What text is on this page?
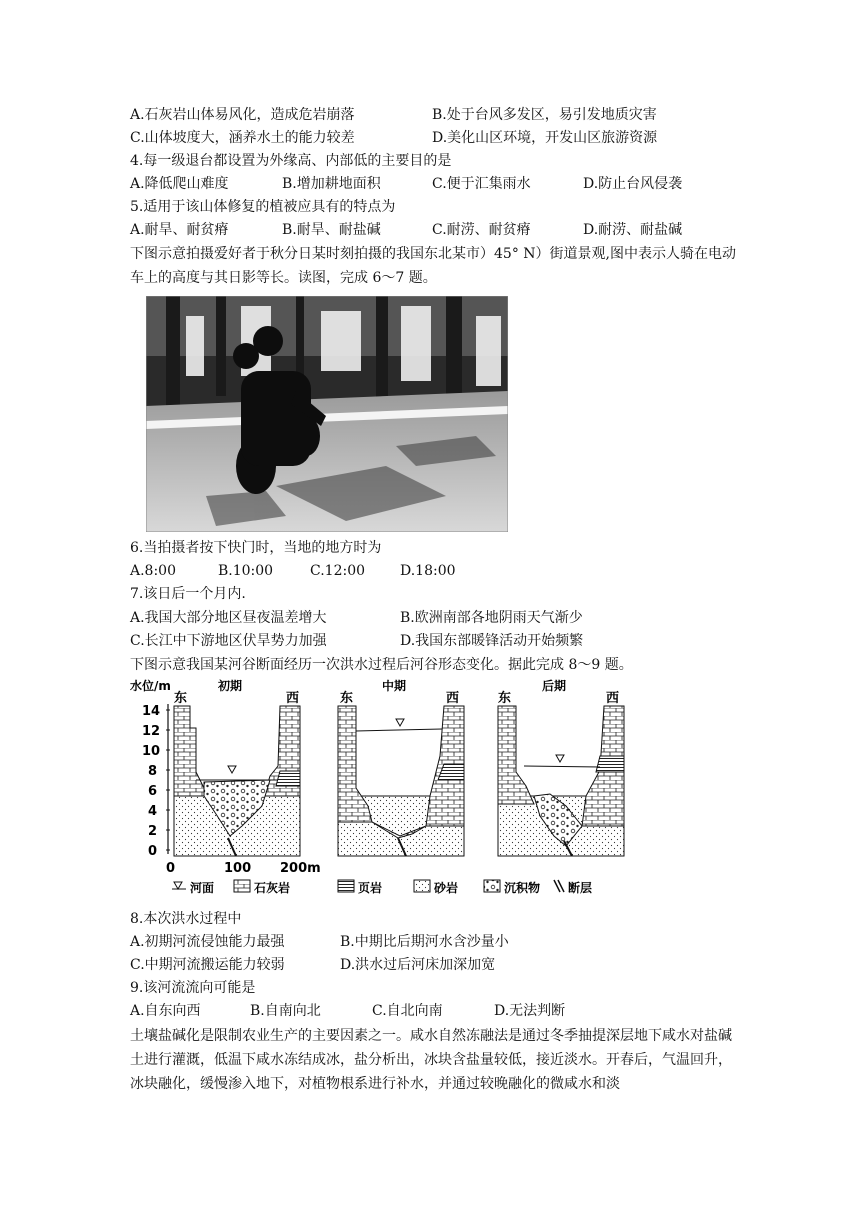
A.石灰岩山体易风化，造成危岩崩落	B.处于台风多发区，易引发地质灾害
C.山体坡度大，涵养水土的能力较差	D.美化山区环境，开发山区旅游资源
4.每一级退台都设置为外缘高、内部低的主要目的是
A.降低爬山难度	B.增加耕地面积	C.便于汇集雨水	D.防止台风侵袭
5.适用于该山体修复的植被应具有的特点为
A.耐旱、耐贫瘠	B.耐旱、耐盐碱	C.耐涝、耐贫瘠	D.耐涝、耐盐碱
下图示意拍摄爱好者于秋分日某时刻拍摄的我国东北某市）45° N）街道景观,图中表示人骑在电动车上的高度与其日影等长。读图，完成 6～7 题。
6.当拍摄者按下快门时，当地的地方时为
A.8:00	B.10:00	C.12:00 D.18:00
7.该日后一个月内.
A.我国大部分地区昼夜温差增大	B.欧洲南部各地阴雨天气渐少
C.长江中下游地区伏旱势力加强	D.我国东部暖锋活动开始频繁
下图示意我国某河谷断面经历一次洪水过程后河谷形态变化。据此完成 8～9 题。
水位/m
14
12
10
8
6
4
2
0
初期
东	西
中期
东	西
后期
东	西
0	100 200m
河面	石灰岩	页岩	砂岩	沉积物 断层
8.本次洪水过程中
A.初期河流侵蚀能力最强	B.中期比后期河水含沙量小
C.中期河流搬运能力较弱	D.洪水过后河床加深加宽
9.该河流流向可能是
A.自东向西	B.自南向北	C.自北向南	D.无法判断
土壤盐碱化是限制农业生产的主要因素之一。咸水自然冻融法是通过冬季抽提深层地下咸水对盐碱土进行灌溉，低温下咸水冻结成冰，盐分析出，冰块含盐量较低，接近淡水。开春后，气温回升，冰块融化，缓慢渗入地下，对植物根系进行补水，并通过较晚融化的微咸水和淡
